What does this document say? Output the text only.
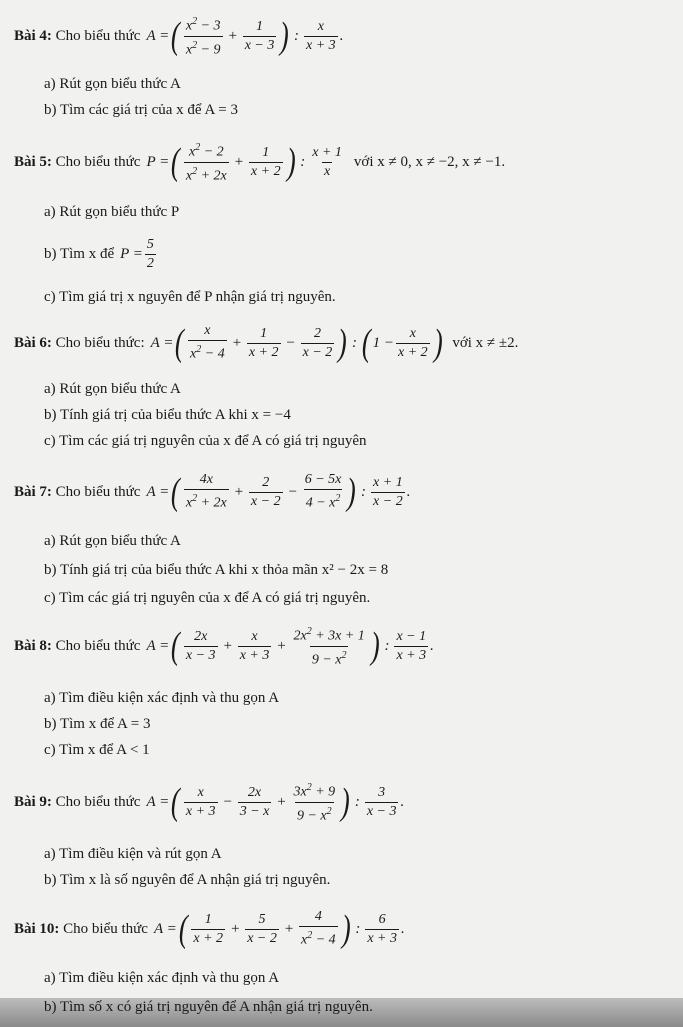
Bài 4:
Cho biểu thức A = ( $\frac{x^2 - 3}{x^2 - 9} + \frac{1}{x - 3}$ ) : $\frac{x}{x + 3}$ .
a) Rút gọn biểu thức A
b) Tìm các giá trị của x để A = 3
Bài 5:
Cho biểu thức P = ( $\frac{x^2 - 2}{x^2 + 2x} + \frac{1}{x + 2}$ ) : $\frac{x + 1}{x}$ với x ≠ 0, x ≠ −2, x ≠ −1.
a) Rút gọn biểu thức P
b) Tìm x để $P = \frac{5}{2}$
c) Tìm giá trị x nguyên để P nhận giá trị nguyên.
Bài 6:
Cho biểu thức: A = ( $\frac{x}{x^2 - 4} + \frac{1}{x + 2} - \frac{2}{x - 2}$ ) : ( $1 - \frac{x}{x + 2}$ ) với x ≠ ±2.
a) Rút gọn biểu thức A
b) Tính giá trị của biểu thức A khi x = −4
c) Tìm các giá trị nguyên của x để A có giá trị nguyên
Bài 7:
Cho biểu thức A = ( $\frac{4x}{x^2 + 2x} + \frac{2}{x - 2} - \frac{6 - 5x}{4 - x^2}$ ) : $\frac{x + 1}{x - 2}$ .
a) Rút gọn biểu thức A
b) Tính giá trị của biểu thức A khi x thỏa mãn x² − 2x = 8
c) Tìm các giá trị nguyên của x để A có giá trị nguyên.
Bài 8:
Cho biểu thức A = ( $\frac{2x}{x - 3} + \frac{x}{x + 3} + \frac{2x^2 + 3x + 1}{9 - x^2}$ ) : $\frac{x - 1}{x + 3}$ .
a) Tìm điều kiện xác định và thu gọn A
b) Tìm x để A = 3
c) Tìm x để A < 1
Bài 9:
Cho biểu thức A = ( $\frac{x}{x + 3} - \frac{2x}{3 - x} + \frac{3x^2 + 9}{9 - x^2}$ ) : $\frac{3}{x - 3}$ .
a) Tìm điều kiện và rút gọn A
b) Tìm x là số nguyên để A nhận giá trị nguyên.
Bài 10:
Cho biểu thức A = ( $\frac{1}{x + 2} + \frac{5}{x - 2} + \frac{4}{x^2 - 4}$ ) : $\frac{6}{x + 3}$ .
a) Tìm điều kiện xác định và thu gọn A
b) Tìm số x có giá trị nguyên để A nhận giá trị nguyên.
